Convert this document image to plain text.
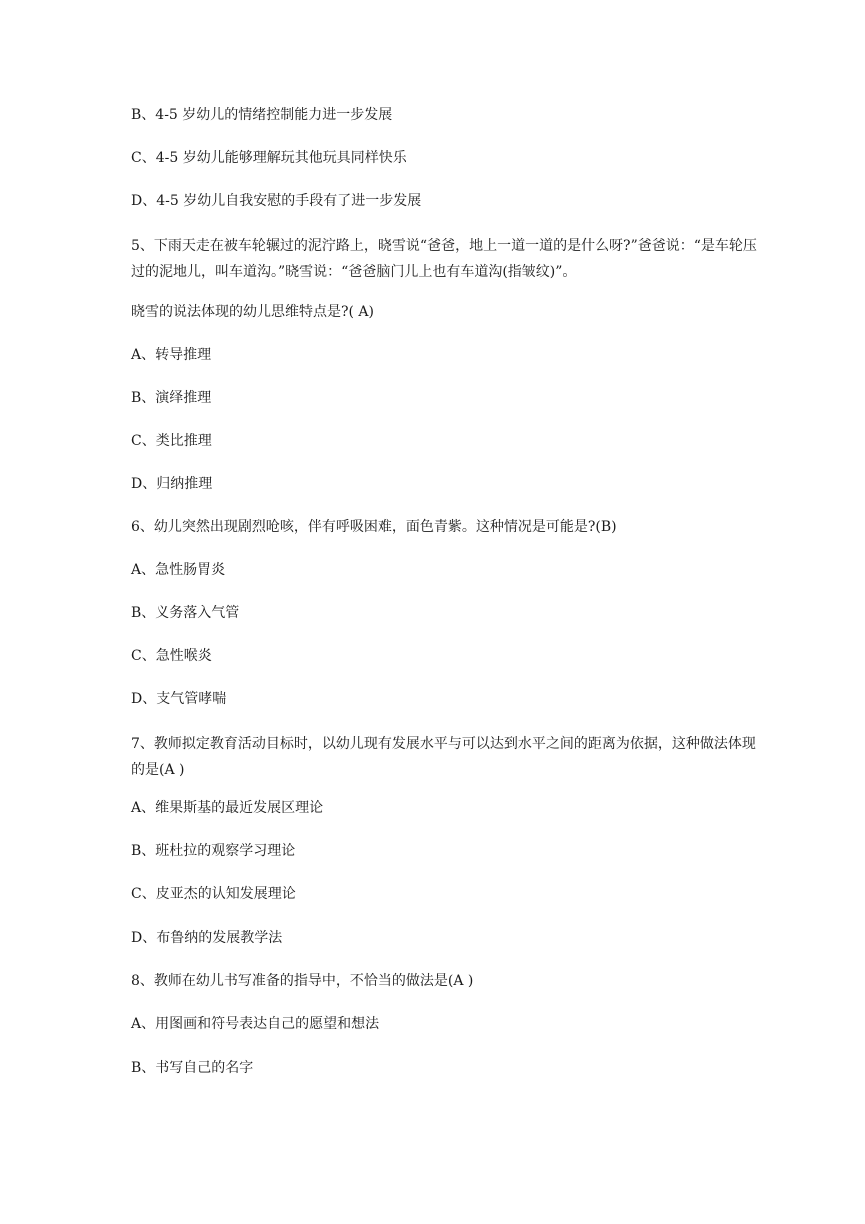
B、4-5 岁幼儿的情绪控制能力进一步发展
C、4-5 岁幼儿能够理解玩其他玩具同样快乐
D、4-5 岁幼儿自我安慰的手段有了进一步发展
5、下雨天走在被车轮辗过的泥泞路上，晓雪说“爸爸，地上一道一道的是什么呀?”爸爸说：“是车轮压过的泥地儿，叫车道沟。”晓雪说：“爸爸脑门儿上也有车道沟(指皱纹)”。
晓雪的说法体现的幼儿思维特点是?( A)
A、转导推理
B、演绎推理
C、类比推理
D、归纳推理
6、幼儿突然出现剧烈呛咳，伴有呼吸困难，面色青紫。这种情况是可能是?(B)
A、急性肠胃炎
B、义务落入气管
C、急性喉炎
D、支气管哮喘
7、教师拟定教育活动目标时，以幼儿现有发展水平与可以达到水平之间的距离为依据，这种做法体现的是(A )
A、维果斯基的最近发展区理论
B、班杜拉的观察学习理论
C、皮亚杰的认知发展理论
D、布鲁纳的发展教学法
8、教师在幼儿书写准备的指导中，不恰当的做法是(A )
A、用图画和符号表达自己的愿望和想法
B、书写自己的名字
